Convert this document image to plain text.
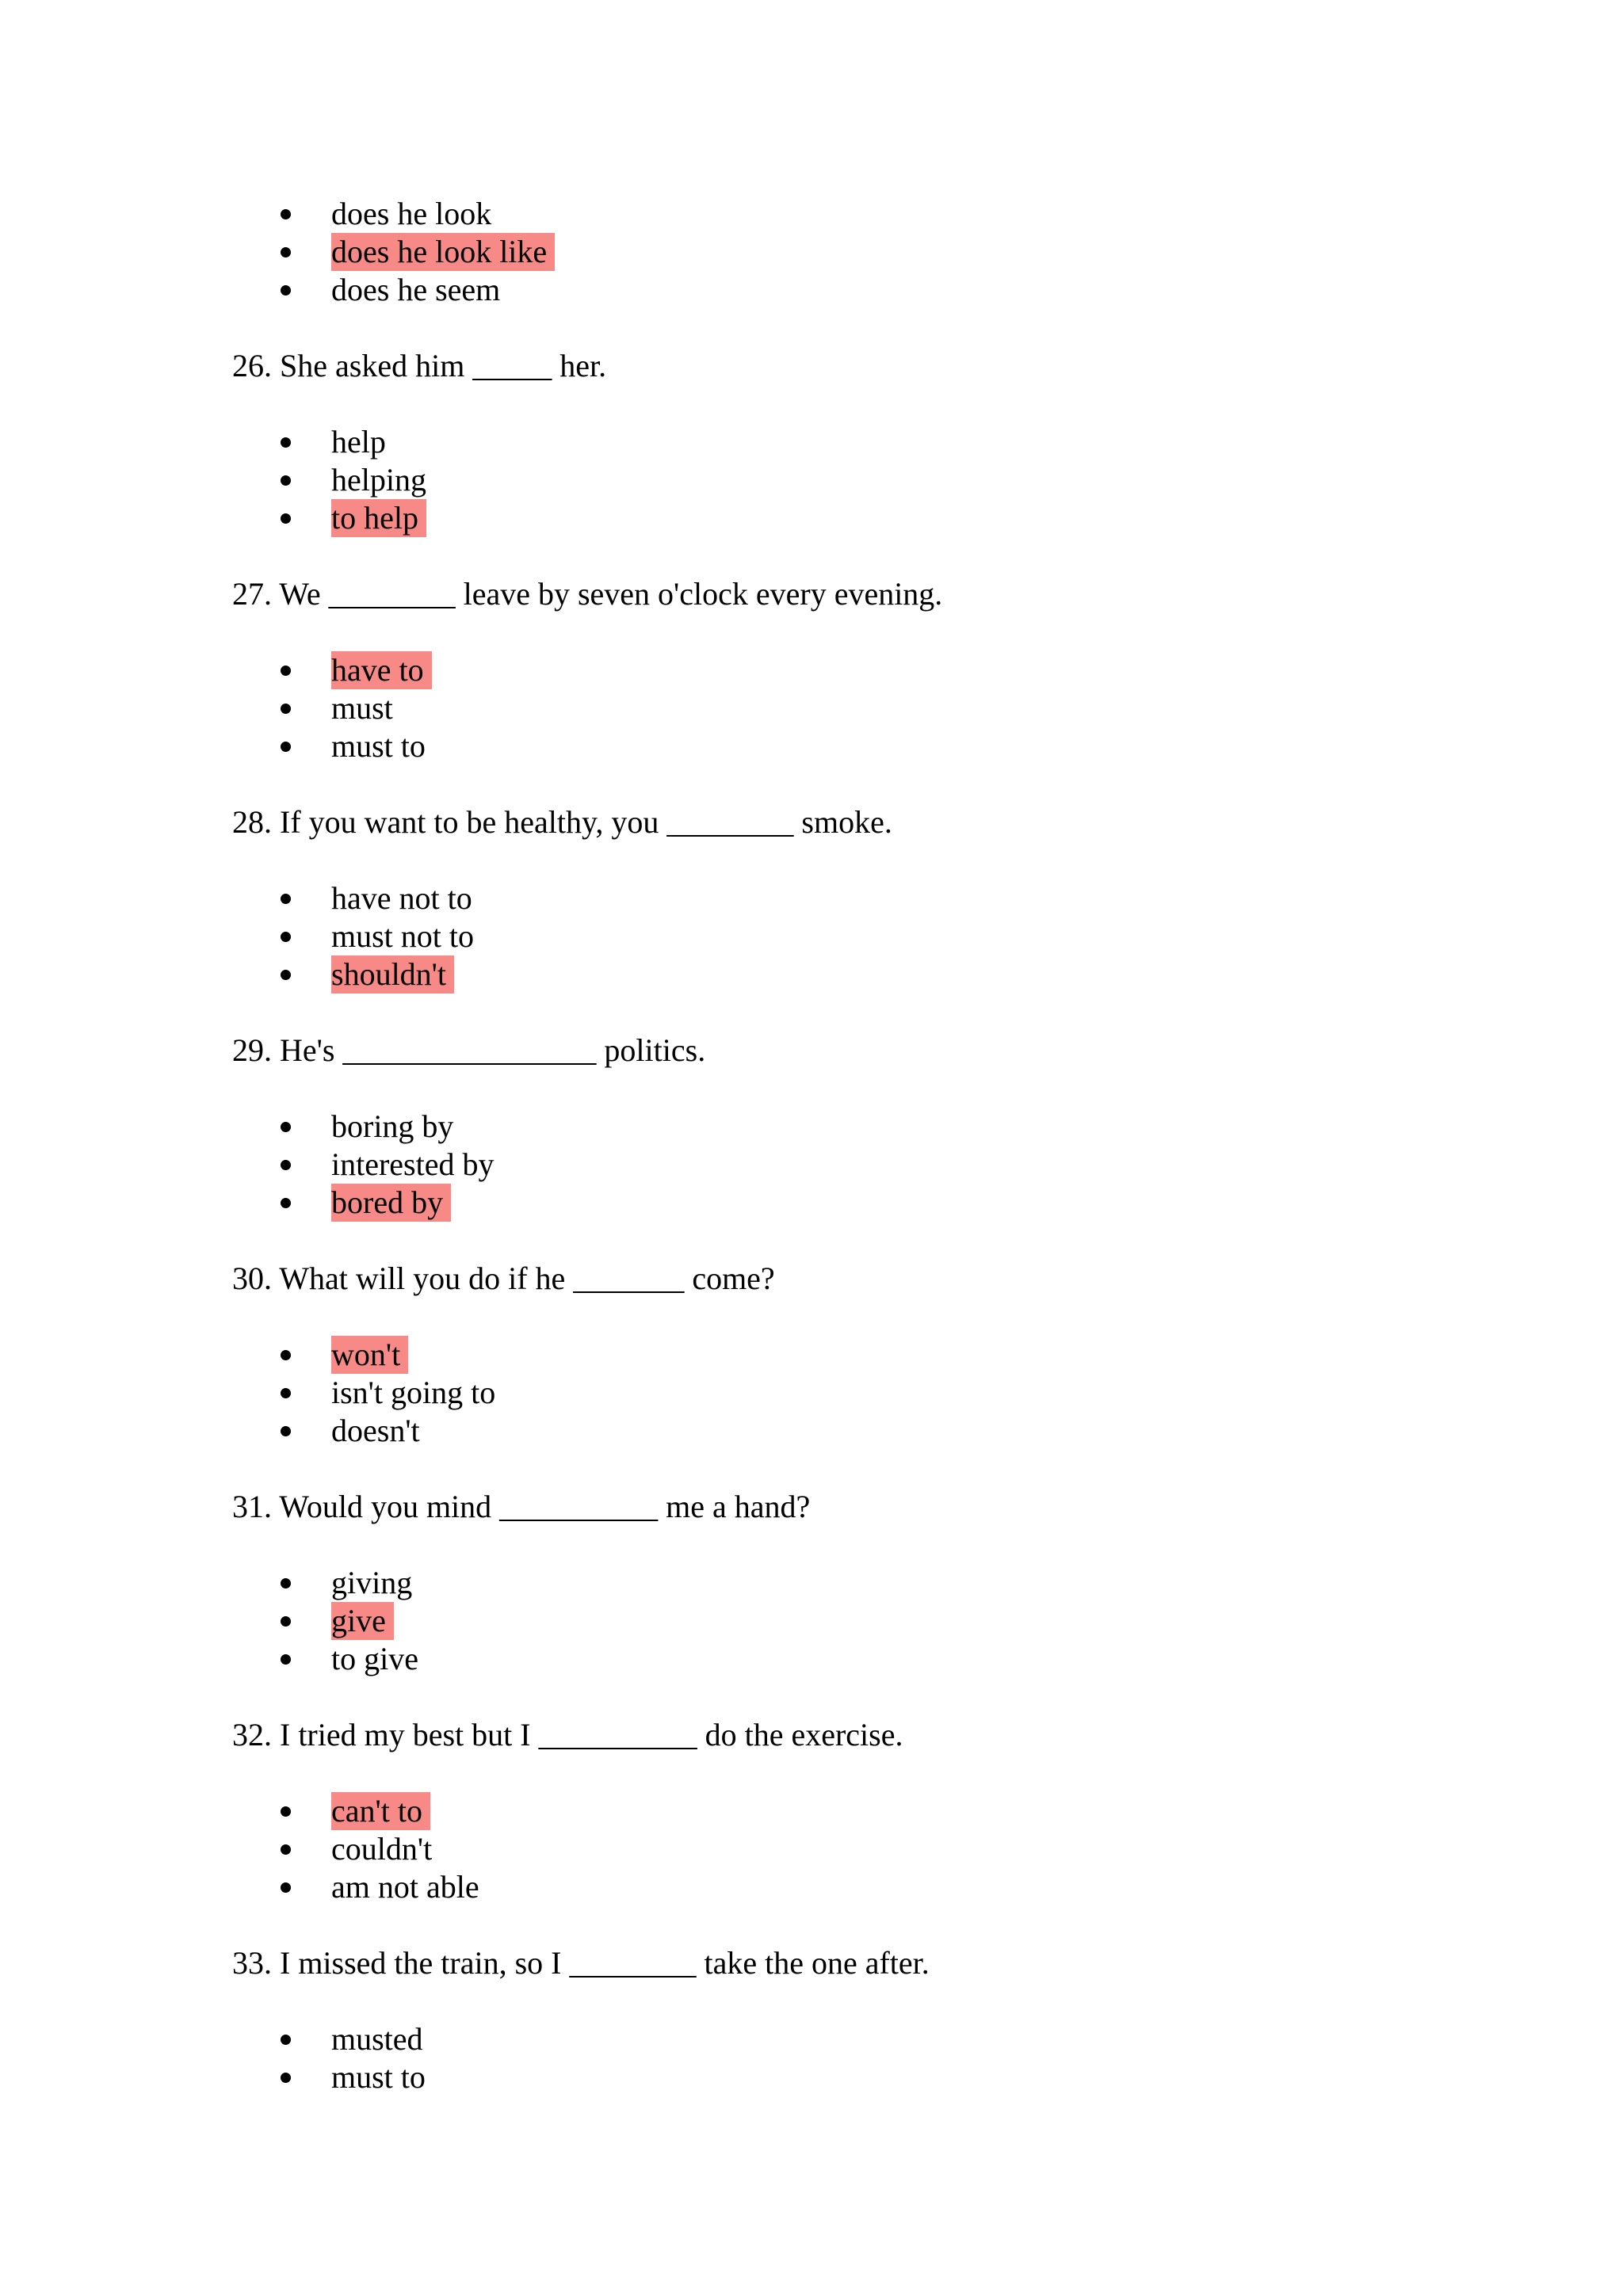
does he look

does he look like

does he seem

26. She asked him _____ her.

help

helping

to help

27. We ________ leave by seven o'clock every evening.

have to

must

must to

28. If you want to be healthy, you ________ smoke.

have not to

must not to

shouldn't

29. He's ________________ politics.

boring by

interested by

bored by

30. What will you do if he _______ come?

won't

isn't going to

doesn't

31. Would you mind __________ me a hand?

giving

give

to give

32. I tried my best but I __________ do the exercise.

can't to

couldn't

am not able

33. I missed the train, so I ________ take the one after.

musted

must to
